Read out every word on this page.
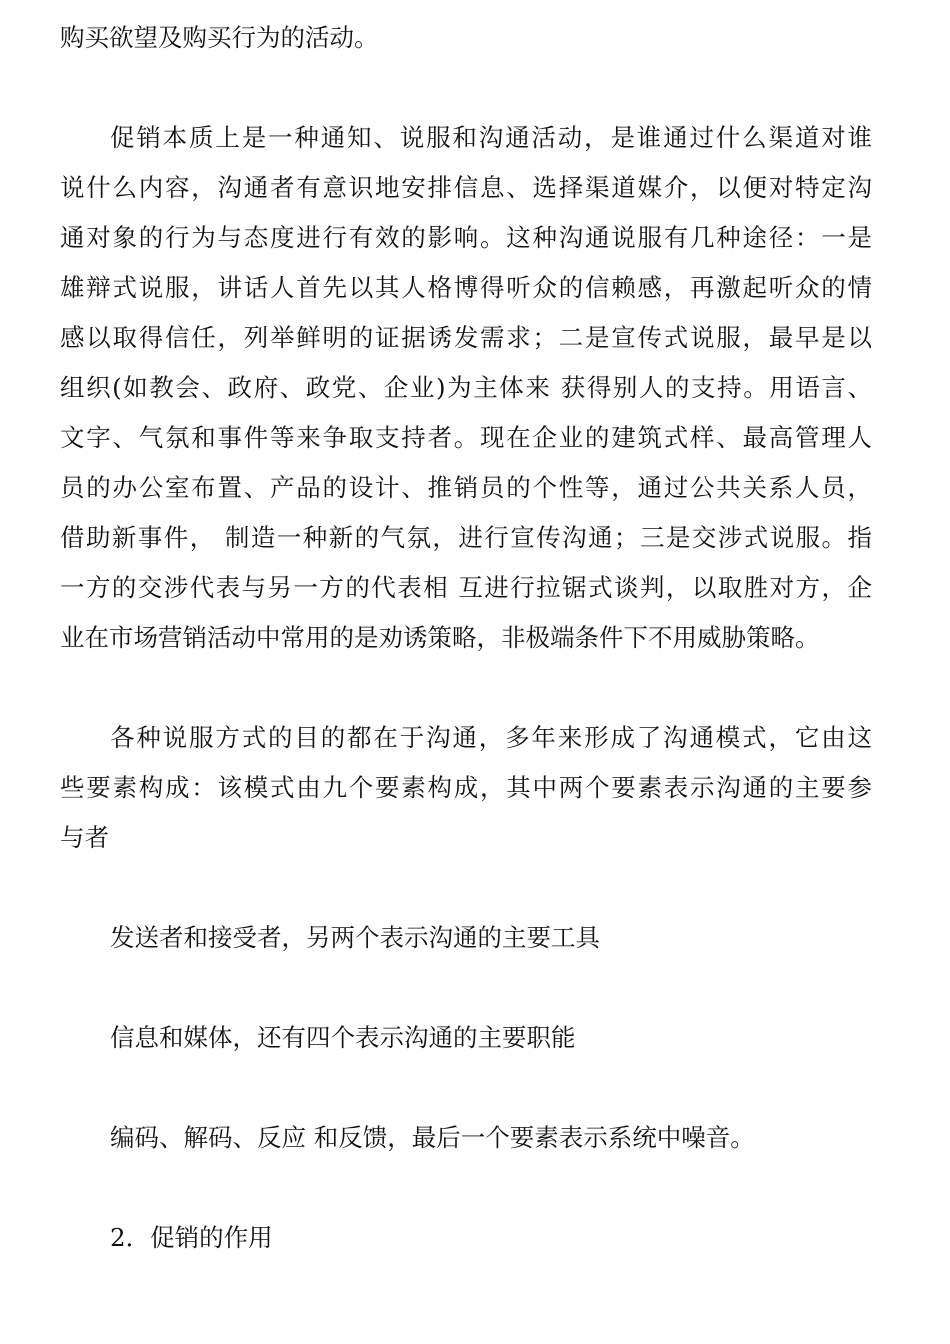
购买欲望及购买行为的活动。
促销本质上是一种通知、说服和沟通活动，是谁通过什么渠道对谁
说什么内容，沟通者有意识地安排信息、选择渠道媒介，以便对特定沟
通对象的行为与态度进行有效的影响。这种沟通说服有几种途径：一是
雄辩式说服，讲话人首先以其人格博得听众的信赖感，再激起听众的情
感以取得信任，列举鲜明的证据诱发需求；二是宣传式说服，最早是以
组织(如教会、政府、政党、企业)为主体来 获得别人的支持。用语言、
文字、气氛和事件等来争取支持者。现在企业的建筑式样、最高管理人
员的办公室布置、产品的设计、推销员的个性等，通过公共关系人员，
借助新事件， 制造一种新的气氛，进行宣传沟通；三是交涉式说服。指
一方的交涉代表与另一方的代表相 互进行拉锯式谈判，以取胜对方，企
业在市场营销活动中常用的是劝诱策略，非极端条件下不用威胁策略。
各种说服方式的目的都在于沟通，多年来形成了沟通模式，它由这
些要素构成：该模式由九个要素构成，其中两个要素表示沟通的主要参
与者
发送者和接受者，另两个表示沟通的主要工具
信息和媒体，还有四个表示沟通的主要职能
编码、解码、反应 和反馈，最后一个要素表示系统中噪音。
2．促销的作用
